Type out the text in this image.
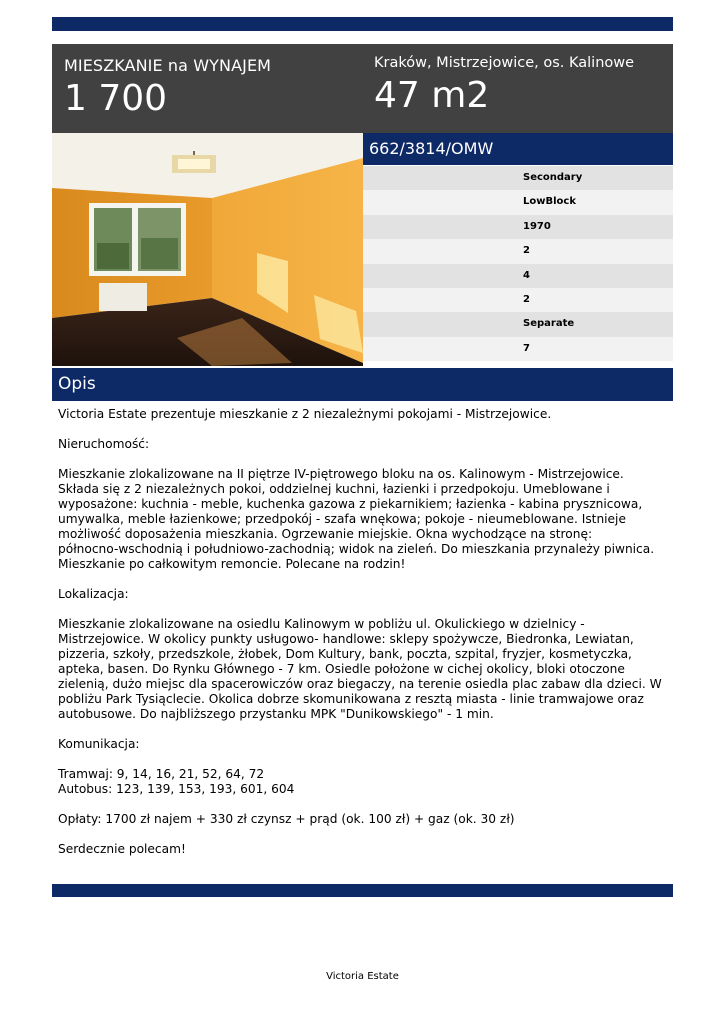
MIESZKANIE na WYNAJEM
1 700
Kraków, Mistrzejowice, os. Kalinowe
47 m2
662/3814/OMW
Secondary
LowBlock
1970
2
4
2
Separate
7
Opis

Victoria Estate prezentuje mieszkanie z 2 niezależnymi pokojami - Mistrzejowice.

Nieruchomość:

Mieszkanie zlokalizowane na II piętrze IV-piętrowego bloku na os. Kalinowym - Mistrzejowice.
Składa się z 2 niezależnych pokoi, oddzielnej kuchni, łazienki i przedpokoju. Umeblowane i
wyposażone: kuchnia - meble, kuchenka gazowa z piekarnikiem; łazienka - kabina prysznicowa,
umywalka, meble łazienkowe; przedpokój - szafa wnękowa; pokoje - nieumeblowane. Istnieje
możliwość doposażenia mieszkania. Ogrzewanie miejskie. Okna wychodzące na stronę:
północno-wschodnią i południowo-zachodnią; widok na zieleń. Do mieszkania przynależy piwnica.
Mieszkanie po całkowitym remoncie. Polecane na rodzin!

Lokalizacja:

Mieszkanie zlokalizowane na osiedlu Kalinowym w pobliżu ul. Okulickiego w dzielnicy -
Mistrzejowice. W okolicy punkty usługowo- handlowe: sklepy spożywcze, Biedronka, Lewiatan,
pizzeria, szkoły, przedszkole, żłobek, Dom Kultury, bank, poczta, szpital, fryzjer, kosmetyczka,
apteka, basen. Do Rynku Głównego - 7 km. Osiedle położone w cichej okolicy, bloki otoczone
zielenią, dużo miejsc dla spacerowiczów oraz biegaczy, na terenie osiedla plac zabaw dla dzieci. W
pobliżu Park Tysiąclecie. Okolica dobrze skomunikowana z resztą miasta - linie tramwajowe oraz
autobusowe. Do najbliższego przystanku MPK "Dunikowskiego" - 1 min.

Komunikacja:

Tramwaj: 9, 14, 16, 21, 52, 64, 72
Autobus: 123, 139, 153, 193, 601, 604

Opłaty: 1700 zł najem + 330 zł czynsz + prąd (ok. 100 zł) + gaz (ok. 30 zł)

Serdecznie polecam!

Victoria Estate
